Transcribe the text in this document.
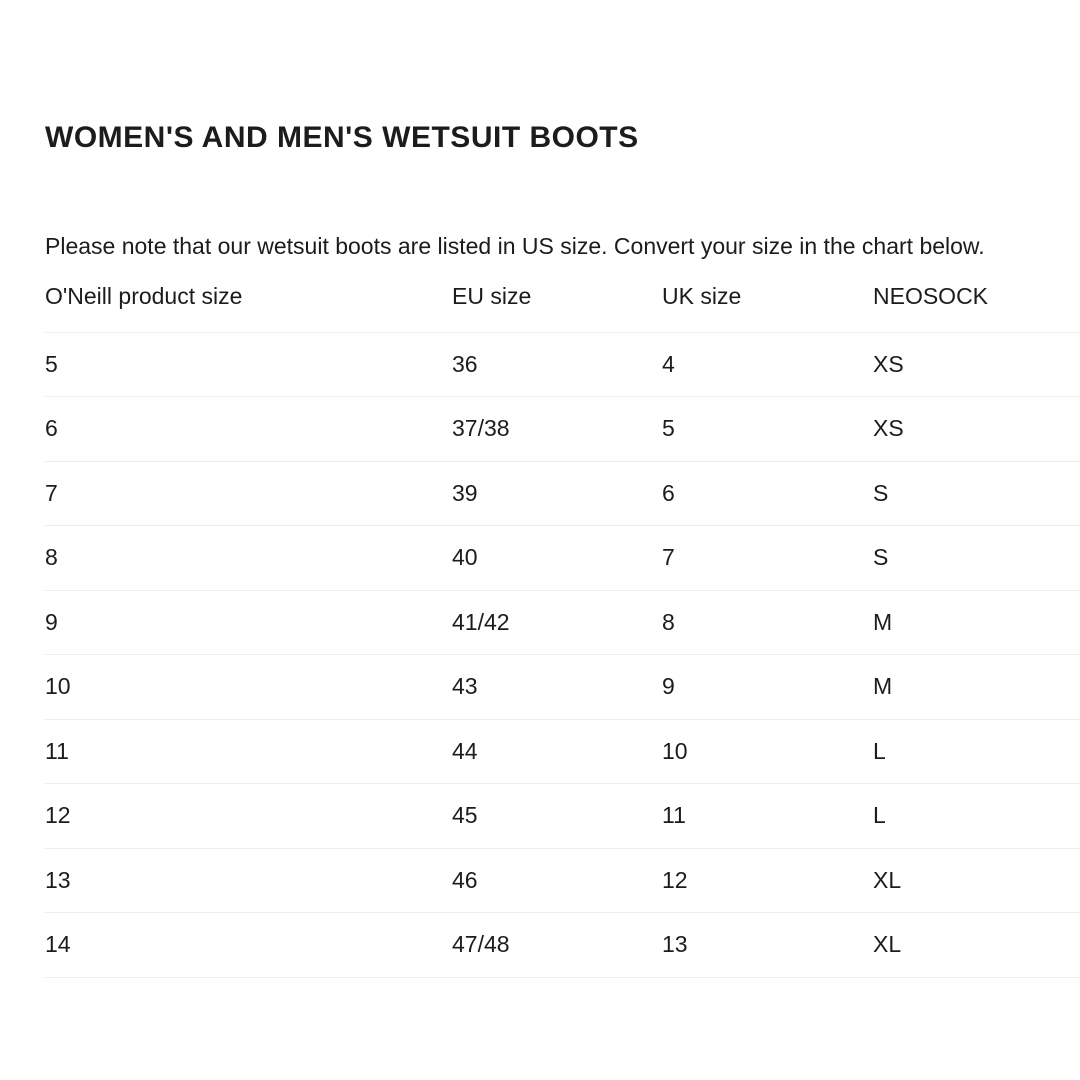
WOMEN'S AND MEN'S WETSUIT BOOTS

Please note that our wetsuit boots are listed in US size. Convert your size in the chart below.

O'Neill product size	EU size	UK size	NEOSOCK
5	36	4	XS
6	37/38	5	XS
7	39	6	S
8	40	7	S
9	41/42	8	M
10	43	9	M
11	44	10	L
12	45	11	L
13	46	12	XL
14	47/48	13	XL
